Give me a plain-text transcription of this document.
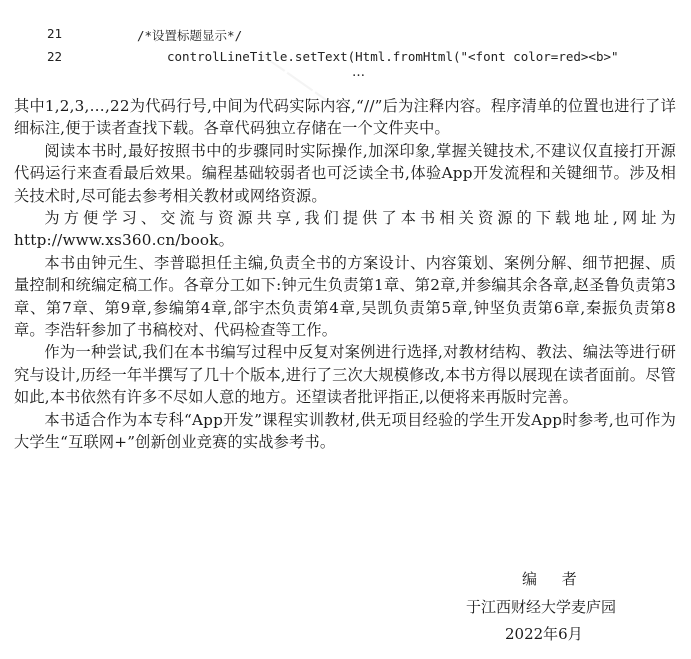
21	/*设置标题显示*/
22	controlLineTitle.setText(Html.fromHtml("<font color=red><b>"
…

其中1,2,3,…,22为代码行号,中间为代码实际内容,“//”后为注释内容。程序清单的位置也进行了详细标注,便于读者查找下载。各章代码独立存储在一个文件夹中。

阅读本书时,最好按照书中的步骤同时实际操作,加深印象,掌握关键技术,不建议仅直接打开源代码运行来查看最后效果。编程基础较弱者也可泛读全书,体验App开发流程和关键细节。涉及相关技术时,尽可能去参考相关教材或网络资源。

为方便学习、交流与资源共享,我们提供了本书相关资源的下载地址,网址为http://www.xs360.cn/book。

本书由钟元生、李普聪担任主编,负责全书的方案设计、内容策划、案例分解、细节把握、质量控制和统编定稿工作。各章分工如下:钟元生负责第1章、第2章,并参编其余各章,赵圣鲁负责第3章、第7章、第9章,参编第4章,郃宇杰负责第4章,吴凯负责第5章,钟坚负责第6章,秦振负责第8章。李浩轩参加了书稿校对、代码检查等工作。

作为一种尝试,我们在本书编写过程中反复对案例进行选择,对教材结构、教法、编法等进行研究与设计,历经一年半撰写了几十个版本,进行了三次大规模修改,本书方得以展现在读者面前。尽管如此,本书依然有许多不尽如人意的地方。还望读者批评指正,以便将来再版时完善。

本书适合作为本专科“App开发”课程实训教材,供无项目经验的学生开发App时参考,也可作为大学生“互联网+”创新创业竞赛的实战参考书。

编 者
于江西财经大学麦庐园
2022年6月
